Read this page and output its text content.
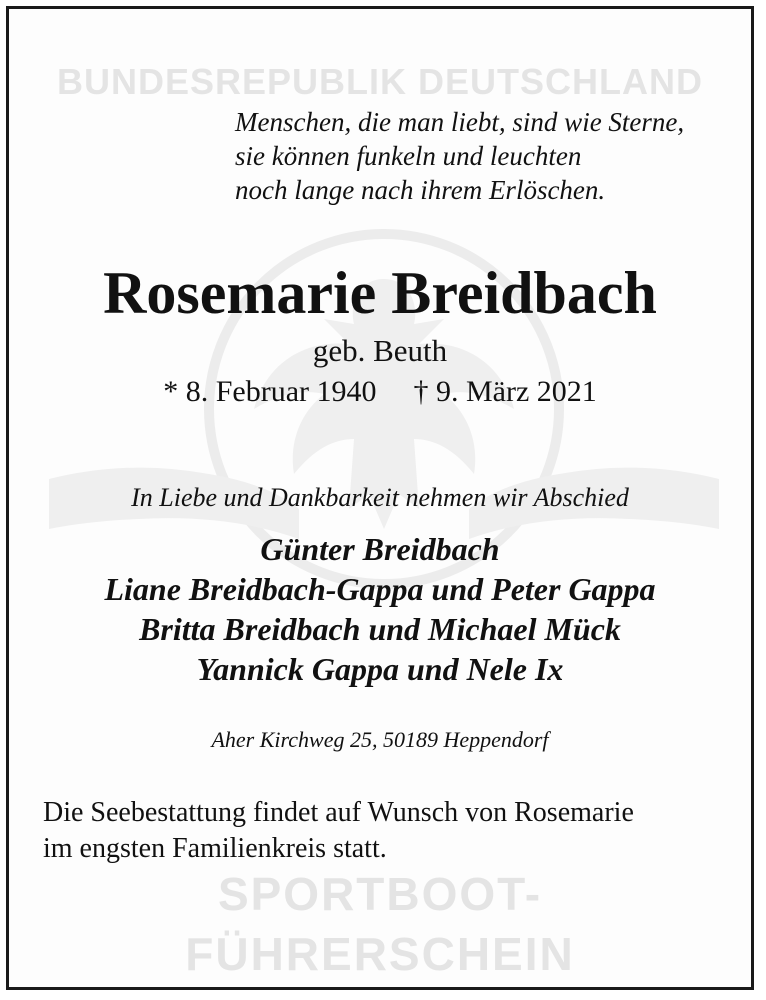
BUNDESREPUBLIK DEUTSCHLAND
SPORTBOOT-
FÜHRERSCHEIN
Menschen, die man liebt, sind wie Sterne,
sie können funkeln und leuchten
noch lange nach ihrem Erlöschen.
Rosemarie Breidbach
geb. Beuth
* 8. Februar 1940 † 9. März 2021
In Liebe und Dankbarkeit nehmen wir Abschied
Günter Breidbach
Liane Breidbach-Gappa und Peter Gappa
Britta Breidbach und Michael Mück
Yannick Gappa und Nele Ix
Aher Kirchweg 25, 50189 Heppendorf
Die Seebestattung findet auf Wunsch von Rosemarie
im engsten Familienkreis statt.
